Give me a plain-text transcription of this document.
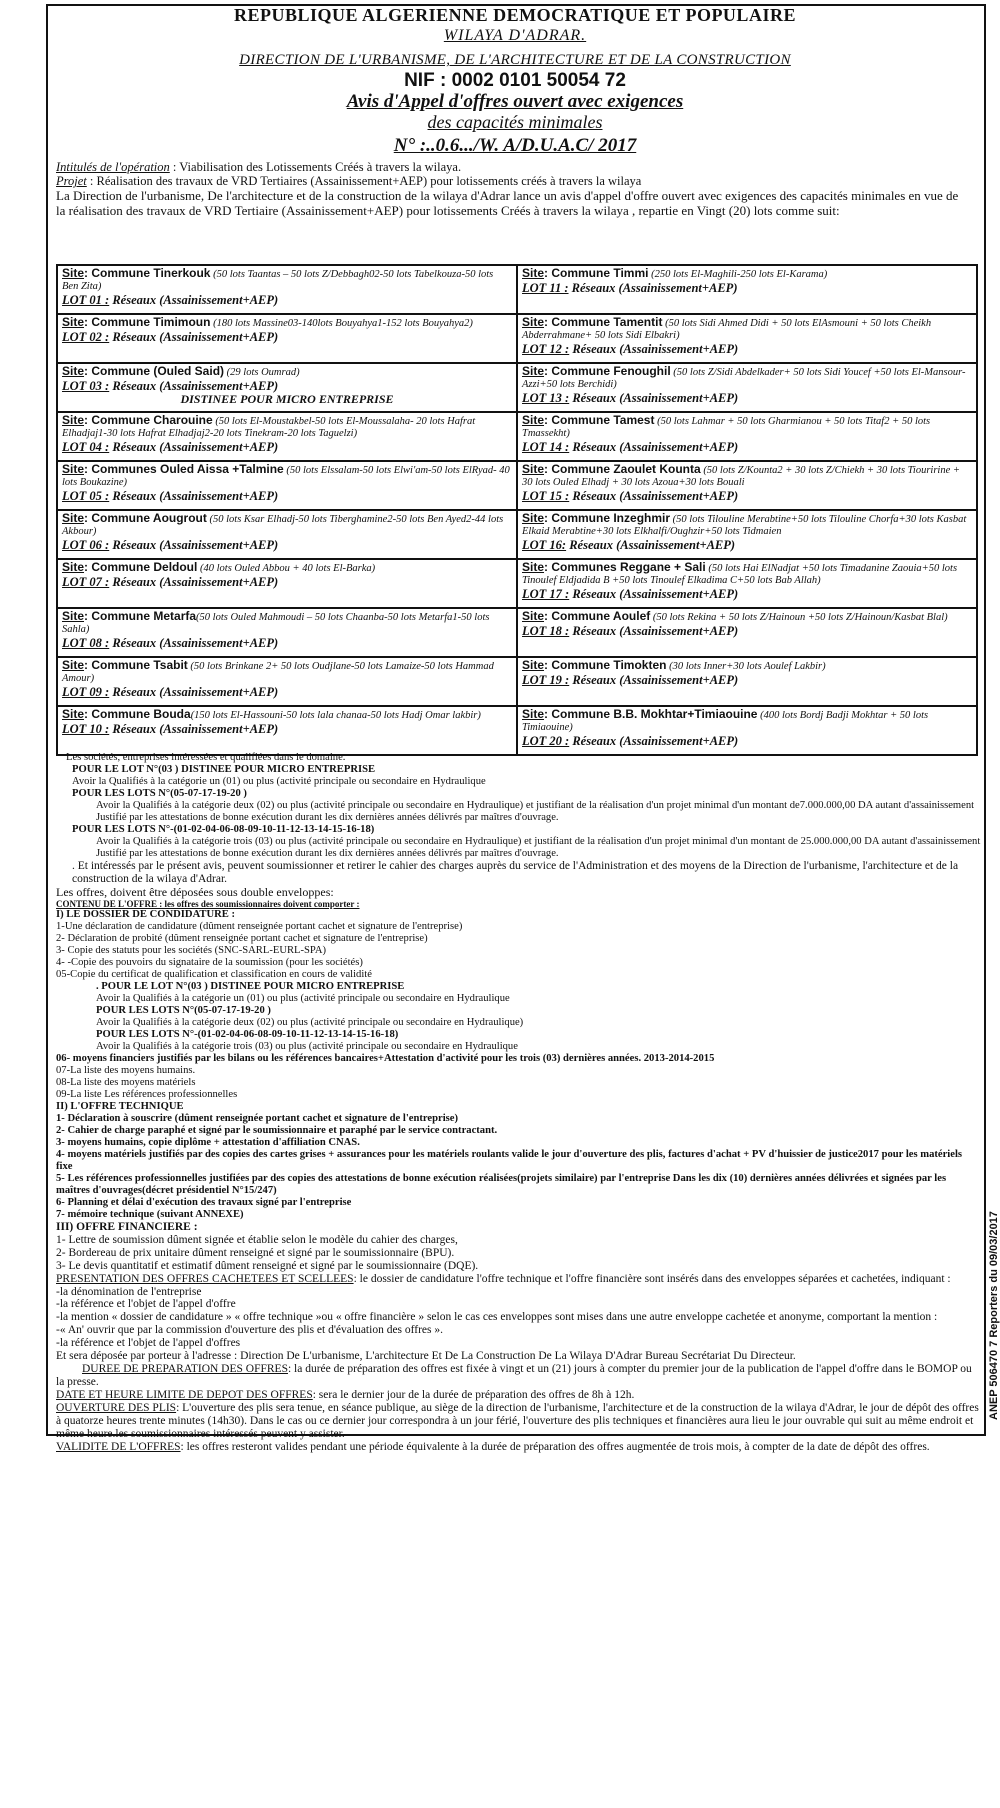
REPUBLIQUE ALGERIENNE DEMOCRATIQUE ET POPULAIRE
WILAYA D'ADRAR.
DIRECTION DE L'URBANISME, DE L'ARCHITECTURE ET DE LA CONSTRUCTION
NIF : 0002 0101 50054 72
Avis d'Appel d'offres ouvert avec exigences
des capacités minimales
N° :..0.6.../W. A/D.U.A.C/ 2017

Intitulés de l'opération : Viabilisation des Lotissements Créés à travers la wilaya.

Projet : Réalisation des travaux de VRD Tertiaires (Assainissement+AEP) pour lotissements créés à travers la wilaya

La Direction de l'urbanisme, De l'architecture et de la construction de la wilaya d'Adrar lance un avis d'appel d'offre ouvert avec exigences des capacités minimales en vue de la réalisation des travaux de VRD Tertiaire (Assainissement+AEP) pour lotissements Créés à travers la wilaya , repartie en Vingt (20) lots comme suit:

Site: Commune Tinerkouk (50 lots Taantas – 50 lots Z/Debbagh02-50 lots Tabelkouza-50 lots Ben Zita)
LOT 01 : Réseaux (Assainissement+AEP)	Site: Commune Timmi (250 lots El-Maghili-250 lots El-Karama)
LOT 11 : Réseaux (Assainissement+AEP)

Site: Commune Timimoun (180 lots Massine03-140lots Bouyahya1-152 lots Bouyahya2)
LOT 02 : Réseaux (Assainissement+AEP)	Site: Commune Tamentit (50 lots Sidi Ahmed Didi + 50 lots ElAsmouni + 50 lots Cheikh Abderrahmane+ 50 lots Sidi Elbakri)
LOT 12 : Réseaux (Assainissement+AEP)

Site: Commune (Ouled Said) (29 lots Oumrad)
LOT 03 : Réseaux (Assainissement+AEP)
DISTINEE POUR MICRO ENTREPRISE	Site: Commune Fenoughil (50 lots Z/Sidi Abdelkader+ 50 lots Sidi Youcef +50 lots El-Mansour-Azzi+50 lots Berchidi)
LOT 13 : Réseaux (Assainissement+AEP)

Site: Commune Charouine (50 lots El-Moustakbel-50 lots El-Moussalaha- 20 lots Hafrat Elhadjaj1-30 lots Hafrat Elhadjaj2-20 lots Tinekram-20 lots Taguelzi)
LOT 04 : Réseaux (Assainissement+AEP)	Site: Commune Tamest (50 lots Lahmar + 50 lots Gharmianou + 50 lots Titaf2 + 50 lots Tmassekht)
LOT 14 : Réseaux (Assainissement+AEP)

Site: Communes Ouled Aissa +Talmine (50 lots Elssalam-50 lots Elwi'am-50 lots ElRyad- 40 lots Boukazine)
LOT 05 : Réseaux (Assainissement+AEP)	Site: Commune Zaoulet Kounta (50 lots Z/Kounta2 + 30 lots Z/Chiekh + 30 lots Tiouririne + 30 lots Ouled Elhadj + 30 lots Azoua+30 lots Bouali
LOT 15 : Réseaux (Assainissement+AEP)

Site: Commune Aougrout (50 lots Ksar Elhadj-50 lots Tiberghamine2-50 lots Ben Ayed2-44 lots Akbour)
LOT 06 : Réseaux (Assainissement+AEP)	Site: Commune Inzeghmir (50 lots Tilouline Merabtine+50 lots Tilouline Chorfa+30 lots Kasbat Elkaid Merabtine+30 lots Elkhalfi/Oughzir+50 lots Tidmaien
LOT 16: Réseaux (Assainissement+AEP)

Site: Commune Deldoul (40 lots Ouled Abbou + 40 lots El-Barka)
LOT 07 : Réseaux (Assainissement+AEP)	Site: Communes Reggane + Sali (50 lots Hai ElNadjat +50 lots Timadanine Zaouia+50 lots Tinoulef Eldjadida B +50 lots Tinoulef Elkadima C+50 lots Bab Allah)
LOT 17 : Réseaux (Assainissement+AEP)

Site: Commune Metarfa(50 lots Ouled Mahmoudi – 50 lots Chaanba-50 lots Metarfa1-50 lots Sahla)
LOT 08 : Réseaux (Assainissement+AEP)	Site: Commune Aoulef (50 lots Rekina + 50 lots Z/Hainoun +50 lots Z/Hainoun/Kasbat Blal)
LOT 18 : Réseaux (Assainissement+AEP)

Site: Commune Tsabit (50 lots Brinkane 2+ 50 lots Oudjlane-50 lots Lamaize-50 lots Hammad Amour)
LOT 09 : Réseaux (Assainissement+AEP)	Site: Commune Timokten (30 lots Inner+30 lots Aoulef Lakbir)
LOT 19 : Réseaux (Assainissement+AEP)

Site: Commune Bouda(150 lots El-Hassouni-50 lots lala chanaa-50 lots Hadj Omar lakbir)
LOT 10 : Réseaux (Assainissement+AEP)	Site: Commune B.B. Mokhtar+Timiaouine (400 lots Bordj Badji Mokhtar + 50 lots Timiaouine)
LOT 20 : Réseaux (Assainissement+AEP)
Les sociétés, entreprises intéressées et qualifiées dans le domaine.
POUR LE LOT N°(03 ) DISTINEE POUR MICRO ENTREPRISE
Avoir la Qualifiés à la catégorie un (01) ou plus (activité principale ou secondaire en Hydraulique
POUR LES LOTS N°(05-07-17-19-20 )
Avoir la Qualifiés à la catégorie deux (02) ou plus (activité principale ou secondaire en Hydraulique) et justifiant de la réalisation d'un projet minimal d'un montant de7.000.000,00 DA autant d'assainissement Justifié par les attestations de bonne exécution durant les dix dernières années délivrés par maîtres d'ouvrage.
POUR LES LOTS N°-(01-02-04-06-08-09-10-11-12-13-14-15-16-18)
Avoir la Qualifiés à la catégorie trois (03) ou plus (activité principale ou secondaire en Hydraulique) et justifiant de la réalisation d'un projet minimal d'un montant de 25.000.000,00 DA autant d'assainissement Justifié par les attestations de bonne exécution durant les dix dernières années délivrés par maîtres d'ouvrage.
. Et intéressés par le présent avis, peuvent soumissionner et retirer le cahier des charges auprès du service de l'Administration et des moyens de la Direction de l'urbanisme, l'architecture et de la construction de la wilaya d'Adrar.
Les offres, doivent être déposées sous double enveloppes:
CONTENU DE L'OFFRE : les offres des soumissionnaires doivent comporter :
I) LE DOSSIER DE CONDIDATURE :
1-Une déclaration de candidature (dûment renseignée portant cachet et signature de l'entreprise)
2- Déclaration de probité (dûment renseignée portant cachet et signature de l'entreprise)
3- Copie des statuts pour les sociétés (SNC-SARL-EURL-SPA)
4- -Copie des pouvoirs du signataire de la soumission (pour les sociétés)
05-Copie du certificat de qualification et classification en cours de validité
. POUR LE LOT N°(03 ) DISTINEE POUR MICRO ENTREPRISE
Avoir la Qualifiés à la catégorie un (01) ou plus (activité principale ou secondaire en Hydraulique
POUR LES LOTS N°(05-07-17-19-20 )
Avoir la Qualifiés à la catégorie deux (02) ou plus (activité principale ou secondaire en Hydraulique)
POUR LES LOTS N°-(01-02-04-06-08-09-10-11-12-13-14-15-16-18)
Avoir la Qualifiés à la catégorie trois (03) ou plus (activité principale ou secondaire en Hydraulique
06- moyens financiers justifiés par les bilans ou les références bancaires+Attestation d'activité pour les trois (03) dernières années. 2013-2014-2015
07-La liste des moyens humains.
08-La liste des moyens matériels
09-La liste Les références professionnelles
II) L'OFFRE TECHNIQUE
1- Déclaration à souscrire (dûment renseignée portant cachet et signature de l'entreprise)
2- Cahier de charge paraphé et signé par le soumissionnaire et paraphé par le service contractant.
3- moyens humains, copie diplôme + attestation d'affiliation CNAS.
4- moyens matériels justifiés par des copies des cartes grises + assurances pour les matériels roulants valide le jour d'ouverture des plis, factures d'achat + PV d'huissier de justice2017 pour les matériels fixe
5- Les références professionnelles justifiées par des copies des attestations de bonne exécution réalisées(projets similaire) par l'entreprise Dans les dix (10) dernières années délivrées et signées par les maîtres d'ouvrages(décret présidentiel N°15/247)
6- Planning et délai d'exécution des travaux signé par l'entreprise
7- mémoire technique (suivant ANNEXE)
III) OFFRE FINANCIERE :
1- Lettre de soumission dûment signée et établie selon le modèle du cahier des charges,
2- Bordereau de prix unitaire dûment renseigné et signé par le soumissionnaire (BPU).
3- Le devis quantitatif et estimatif dûment renseigné et signé par le soumissionnaire (DQE).
PRESENTATION DES OFFRES CACHETEES ET SCELLEES: le dossier de candidature l'offre technique et l'offre financière sont insérés dans des enveloppes séparées et cachetées, indiquant :
-la dénomination de l'entreprise
-la référence et l'objet de l'appel d'offre
-la mention « dossier de candidature » « offre technique »ou « offre financière » selon le cas ces enveloppes sont mises dans une autre enveloppe cachetée et anonyme, comportant la mention :
-« An' ouvrir que par la commission d'ouverture des plis et d'évaluation des offres ».
-la référence et l'objet de l'appel d'offres
Et sera déposée par porteur à l'adresse : Direction De L'urbanisme, L'architecture Et De La Construction De La Wilaya D'Adrar Bureau Secrétariat Du Directeur.
DUREE DE PREPARATION DES OFFRES: la durée de préparation des offres est fixée à vingt et un (21) jours à compter du premier jour de la publication de l'appel d'offre dans le BOMOP ou la presse.
DATE ET HEURE LIMITE DE DEPOT DES OFFRES: sera le dernier jour de la durée de préparation des offres de 8h à 12h.
OUVERTURE DES PLIS: L'ouverture des plis sera tenue, en séance publique, au siège de la direction de l'urbanisme, l'architecture et de la construction de la wilaya d'Adrar, le jour de dépôt des offres à quatorze heures trente minutes (14h30). Dans le cas ou ce dernier jour correspondra à un jour férié, l'ouverture des plis techniques et financières aura lieu le jour ouvrable qui suit au même endroit et même heure.les soumissionnaires intéressés peuvent y assister.
VALIDITE DE L'OFFRES: les offres resteront valides pendant une période équivalente à la durée de préparation des offres augmentée de trois mois, à compter de la date de dépôt des offres.
ANEP 506470 7 Reporters du 09/03/2017
